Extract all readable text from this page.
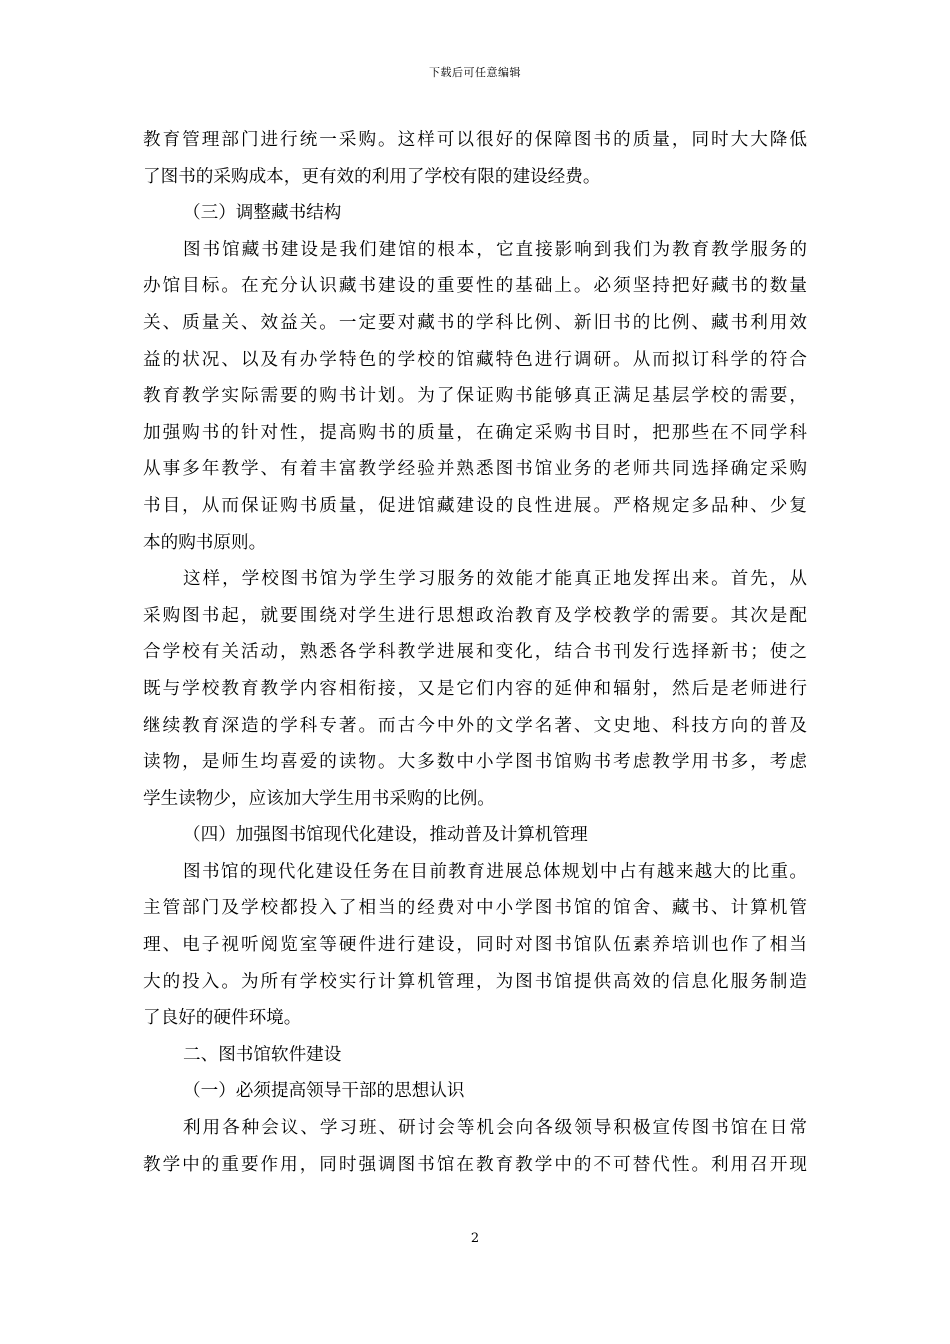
下载后可任意编辑
教育管理部门进行统一采购。这样可以很好的保障图书的质量，同时大大降低
了图书的采购成本，更有效的利用了学校有限的建设经费。
（三）调整藏书结构
图书馆藏书建设是我们建馆的根本，它直接影响到我们为教育教学服务的
办馆目标。在充分认识藏书建设的重要性的基础上。必须坚持把好藏书的数量
关、质量关、效益关。一定要对藏书的学科比例、新旧书的比例、藏书利用效
益的状况、以及有办学特色的学校的馆藏特色进行调研。从而拟订科学的符合
教育教学实际需要的购书计划。为了保证购书能够真正满足基层学校的需要，
加强购书的针对性，提高购书的质量，在确定采购书目时，把那些在不同学科
从事多年教学、有着丰富教学经验并熟悉图书馆业务的老师共同选择确定采购
书目，从而保证购书质量，促进馆藏建设的良性进展。严格规定多品种、少复
本的购书原则。
这样，学校图书馆为学生学习服务的效能才能真正地发挥出来。首先，从
采购图书起，就要围绕对学生进行思想政治教育及学校教学的需要。其次是配
合学校有关活动，熟悉各学科教学进展和变化，结合书刊发行选择新书；使之
既与学校教育教学内容相衔接，又是它们内容的延伸和辐射，然后是老师进行
继续教育深造的学科专著。而古今中外的文学名著、文史地、科技方向的普及
读物，是师生均喜爱的读物。大多数中小学图书馆购书考虑教学用书多，考虑
学生读物少，应该加大学生用书采购的比例。
（四）加强图书馆现代化建设，推动普及计算机管理
图书馆的现代化建设任务在目前教育进展总体规划中占有越来越大的比重。
主管部门及学校都投入了相当的经费对中小学图书馆的馆舍、藏书、计算机管
理、电子视听阅览室等硬件进行建设，同时对图书馆队伍素养培训也作了相当
大的投入。为所有学校实行计算机管理，为图书馆提供高效的信息化服务制造
了良好的硬件环境。
二、图书馆软件建设
（一）必须提高领导干部的思想认识
利用各种会议、学习班、研讨会等机会向各级领导积极宣传图书馆在日常
教学中的重要作用，同时强调图书馆在教育教学中的不可替代性。利用召开现
2
